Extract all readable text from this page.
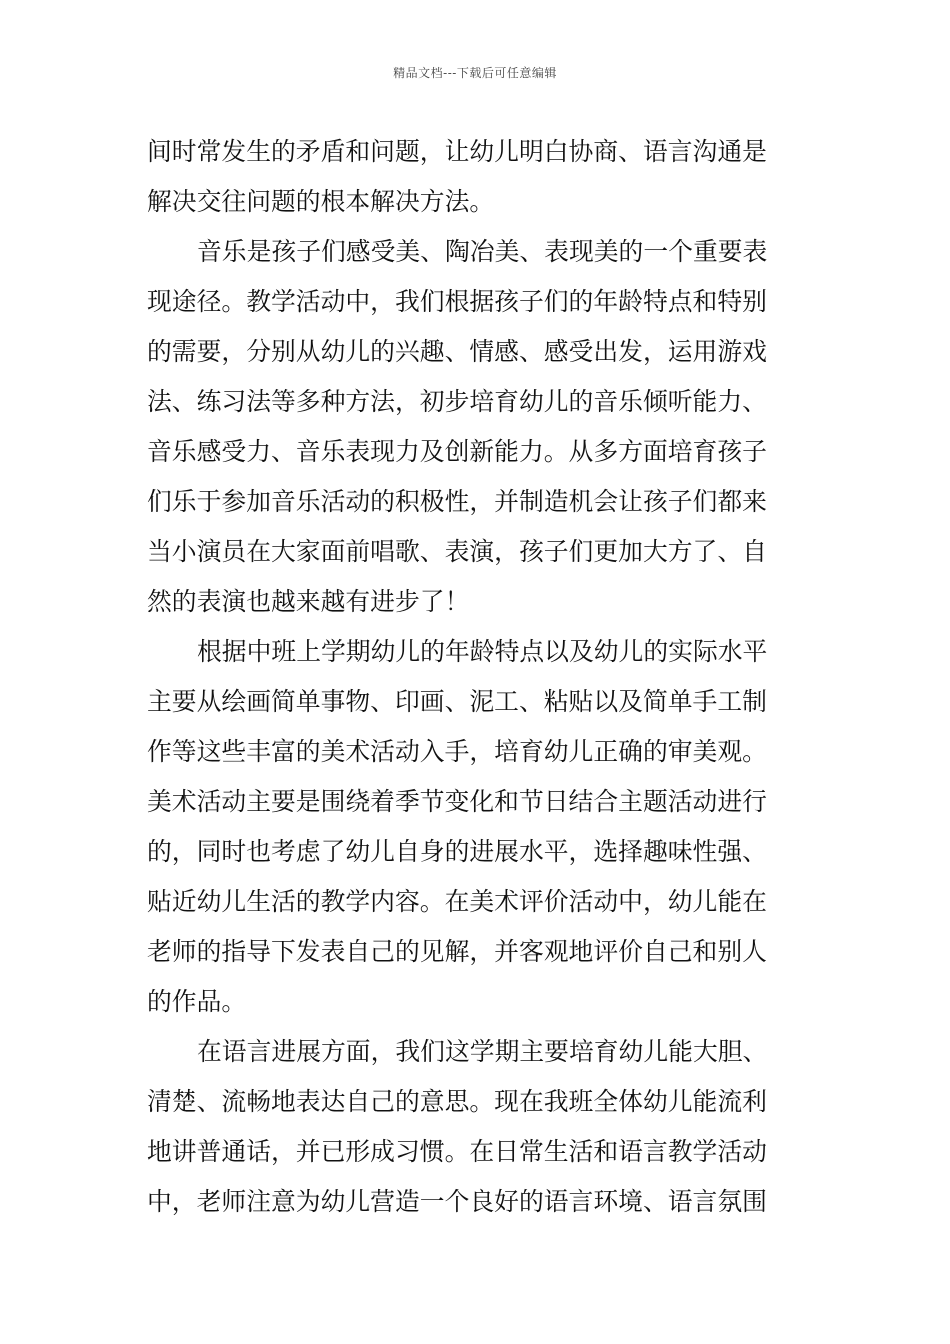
精品文档---下载后可任意编辑
间时常发生的矛盾和问题，让幼儿明白协商、语言沟通是
解决交往问题的根本解决方法。
音乐是孩子们感受美、陶冶美、表现美的一个重要表
现途径。教学活动中，我们根据孩子们的年龄特点和特别
的需要，分别从幼儿的兴趣、情感、感受出发，运用游戏
法、练习法等多种方法，初步培育幼儿的音乐倾听能力、
音乐感受力、音乐表现力及创新能力。从多方面培育孩子
们乐于参加音乐活动的积极性，并制造机会让孩子们都来
当小演员在大家面前唱歌、表演，孩子们更加大方了、自
然的表演也越来越有进步了！
根据中班上学期幼儿的年龄特点以及幼儿的实际水平
主要从绘画简单事物、印画、泥工、粘贴以及简单手工制
作等这些丰富的美术活动入手，培育幼儿正确的审美观。
美术活动主要是围绕着季节变化和节日结合主题活动进行
的，同时也考虑了幼儿自身的进展水平，选择趣味性强、
贴近幼儿生活的教学内容。在美术评价活动中，幼儿能在
老师的指导下发表自己的见解，并客观地评价自己和别人
的作品。
在语言进展方面，我们这学期主要培育幼儿能大胆、
清楚、流畅地表达自己的意思。现在我班全体幼儿能流利
地讲普通话，并已形成习惯。在日常生活和语言教学活动
中，老师注意为幼儿营造一个良好的语言环境、语言氛围
